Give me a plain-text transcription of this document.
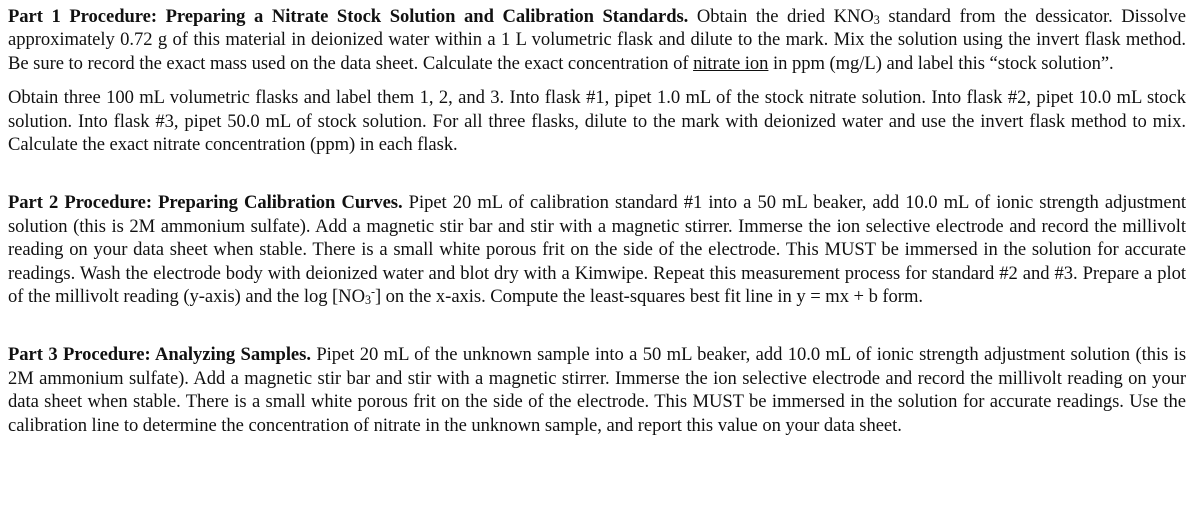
Part 1 Procedure: Preparing a Nitrate Stock Solution and Calibration Standards. Obtain the dried $KNO_3$ standard from the dessicator. Dissolve approximately 0.72 g of this material in deionized water within a 1 L volumetric flask and dilute to the mark. Mix the solution using the invert flask method. Be sure to record the exact mass used on the data sheet. Calculate the exact concentration of nitrate ion in ppm (mg/L) and label this “stock solution”.

Obtain three 100 mL volumetric flasks and label them 1, 2, and 3. Into flask #1, pipet 1.0 mL of the stock nitrate solution. Into flask #2, pipet 10.0 mL stock solution. Into flask #3, pipet 50.0 mL of stock solution. For all three flasks, dilute to the mark with deionized water and use the invert flask method to mix. Calculate the exact nitrate concentration (ppm) in each flask.

Part 2 Procedure: Preparing Calibration Curves. Pipet 20 mL of calibration standard #1 into a 50 mL beaker, add 10.0 mL of ionic strength adjustment solution (this is 2M ammonium sulfate). Add a magnetic stir bar and stir with a magnetic stirrer. Immerse the ion selective electrode and record the millivolt reading on your data sheet when stable. There is a small white porous frit on the side of the electrode. This MUST be immersed in the solution for accurate readings. Wash the electrode body with deionized water and blot dry with a Kimwipe. Repeat this measurement process for standard #2 and #3. Prepare a plot of the millivolt reading (y-axis) and the $\log [NO_3^-]$ on the x-axis. Compute the least-squares best fit line in y = mx + b form.

Part 3 Procedure: Analyzing Samples. Pipet 20 mL of the unknown sample into a 50 mL beaker, add 10.0 mL of ionic strength adjustment solution (this is 2M ammonium sulfate). Add a magnetic stir bar and stir with a magnetic stirrer. Immerse the ion selective electrode and record the millivolt reading on your data sheet when stable. There is a small white porous frit on the side of the electrode. This MUST be immersed in the solution for accurate readings. Use the calibration line to determine the concentration of nitrate in the unknown sample, and report this value on your data sheet.
